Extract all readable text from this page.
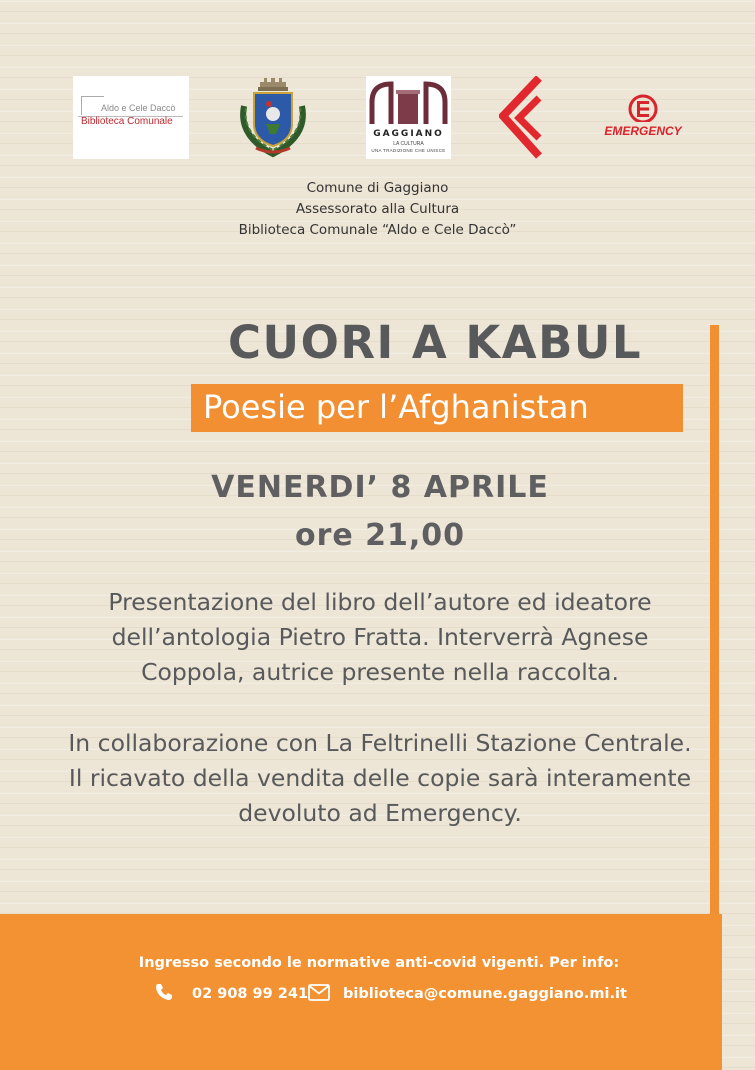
Aldo e Cele Daccò
Biblioteca Comunale
GAGGIANO
LA CULTURA
UNA TRADIZIONE CHE UNISCE
EMERGENCY
Comune di Gaggiano
Assessorato alla Cultura
Biblioteca Comunale “Aldo e Cele Daccò”
CUORI A KABUL
Poesie per l’Afghanistan
VENERDI’ 8 APRILE
ore 21,00
Presentazione del libro dell’autore ed ideatore dell’antologia Pietro Fratta. Interverrà Agnese Coppola, autrice presente nella raccolta.
In collaborazione con La Feltrinelli Stazione Centrale. Il ricavato della vendita delle copie sarà interamente devoluto ad Emergency.
Ingresso secondo le normative anti-covid vigenti. Per info:
02 908 99 241 biblioteca@comune.gaggiano.mi.it
